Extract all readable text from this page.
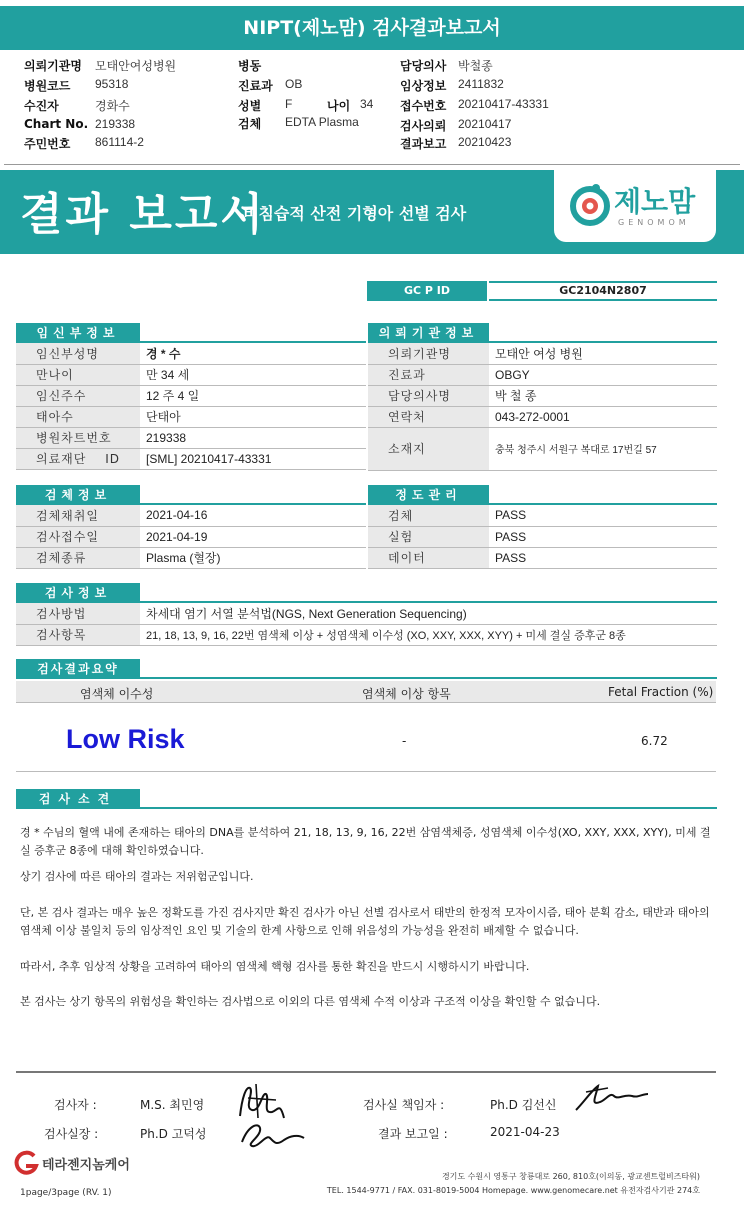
NIPT(제노맘) 검사결과보고서
의뢰기관명 모태안여성병원
병원코드 95318
수진자	경화수
Chart No. 219338
주민번호 861114-2
병동
진료과 OB
성별 F	나이 34
검체 EDTA Plasma
담당의사 박철종
임상정보 2411832
접수번호 20210417-43331
검사의뢰 20210417
결과보고 20210423
결과 보고서
비침습적 산전 기형아 선별 검사	제노맘
GENOMOM
GC P ID	GC2104N2807
임신부정보
임신부성명	경 * 수
만나이	만 34 세
임신주수	12 주 4 일
태아수	단태아
병원차트번호	219338
의료재단 ID	[SML] 20210417-43331
의뢰기관정보
의뢰기관명	모태안 여성 병원
진료과	OBGY
담당의사명	박 철 종
연락처	043-272-0001
소재지	충북 청주시 서원구 복대로 17번길 57
검체정보
검체채취일	2021-04-16
검사접수일	2021-04-19
검체종류	Plasma (혈장)
정도관리
검체	PASS
실험	PASS
데이터	PASS
검사정보
검사방법	차세대 염기 서열 분석법(NGS, Next Generation Sequencing)
검사항목	21, 18, 13, 9, 16, 22번 염색체 이상 + 성염색체 이수성 (XO, XXY, XXX, XYY) + 미세 결실 증후군 8종
검사결과요약
염색체 이수성	염색체 이상 항목	Fetal Fraction (%)
Low Risk	-	6.72
검사소견
경 * 수님의 혈액 내에 존재하는 태아의 DNA를 분석하여 21, 18, 13, 9, 16, 22번 삼염색체증, 성염색체 이수성(XO, XXY, XXX, XYY), 미세 결실 증후군 8종에 대해 확인하였습니다.
상기 검사에 따른 태아의 결과는 저위험군입니다.
단, 본 검사 결과는 매우 높은 정확도를 가진 검사지만 확진 검사가 아닌 선별 검사로서 태반의 한정적 모자이시즘, 태아 분획 감소, 태반과 태아의 염색체 이상 불일치 등의 임상적인 요인 및 기술의 한계 사항으로 인해 위음성의 가능성을 완전히 배제할 수 없습니다.
따라서, 추후 임상적 상황을 고려하여 태아의 염색체 핵형 검사를 통한 확진을 반드시 시행하시기 바랍니다.
본 검사는 상기 항목의 위험성을 확인하는 검사법으로 이외의 다른 염색체 수적 이상과 구조적 이상을 확인할 수 없습니다.
검사자 :	M.S. 최민영	검사실 책임자 :	Ph.D 김선신
검사실장 :	Ph.D 고덕성	결과 보고일 :	2021-04-23
테라젠지놈케어
경기도 수원시 영통구 창룡대로 260, 810호(이의동, 광교센트럴비즈타워)
TEL. 1544-9771 / FAX. 031-8019-5004 Homepage. www.genomecare.net 유전자검사기관 274호
1page/3page (RV. 1)
